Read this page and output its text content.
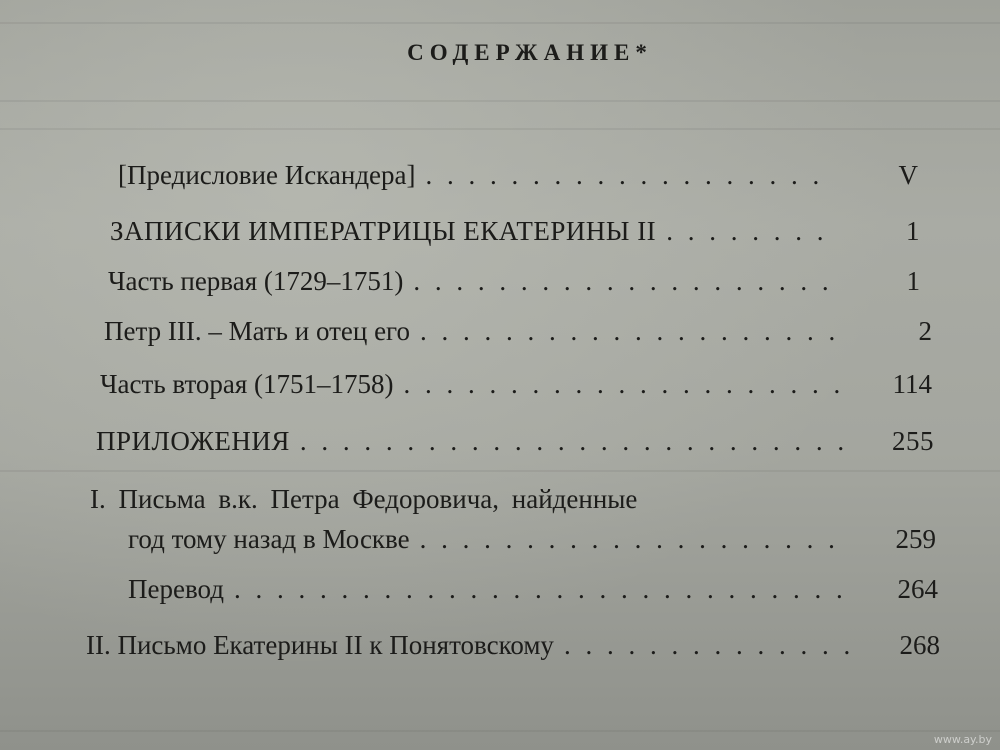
СОДЕРЖАНИЕ*
[Предисловие Искандера] . . .	V
ЗАПИСКИ ИМПЕРАТРИЦЫ ЕКАТЕРИНЫ II . . .	1
Часть первая (1729–1751) . . .	1
Петр III. – Мать и отец его . . .	2
Часть вторая (1751–1758) . . .	114
ПРИЛОЖЕНИЯ . . .	255
I. Письма в.к. Петра Федоровича, найденные
год тому назад в Москве . . .	259
Перевод . . .	264
II. Письмо Екатерины II к Понятовскому . . .	268
www.ay.by
